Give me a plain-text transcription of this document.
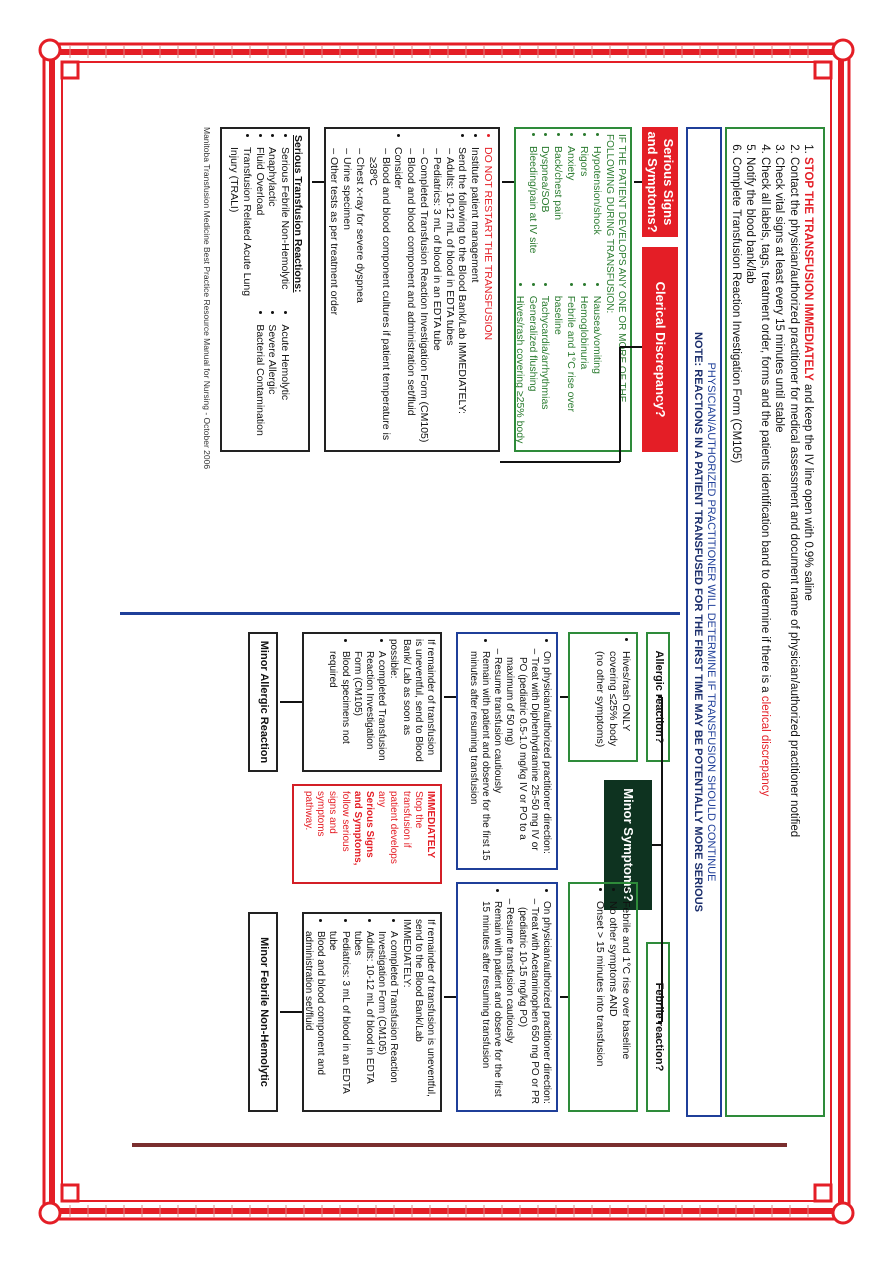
1. STOP THE TRANSFUSION IMMEDIATELY and keep the IV line open with 0.9% saline
2. Contact the physician/authorized practitioner for medical assessment and document name of physician/authorized practitioner notified
3. Check vital signs at least every 15 minutes until stable
4. Check all labels, tags, treatment order, forms and the patients identification band to determine if there is a clerical discrepancy
5. Notify the blood bank/lab
6. Complete Transfusion Reaction Investigation Form (CM105)
PHYSICIAN/AUTHORIZED PRACTITIONER WILL DETERMINE IF TRANSFUSION SHOULD CONTINUE
NOTE: REACTIONS IN A PATIENT TRANSFUSED FOR THE FIRST TIME MAY BE POTENTIALLY MORE SERIOUS
Serious Signs and Symptoms?
Clerical Discrepancy?
IF THE PATIENT DEVELOPS ANY ONE OR MORE OF THE FOLLOWING DURING TRANSFUSION:
• Hypotension/shock
• Rigors
• Anxiety
• Back/chest pain
• Dyspnea/SOB
• Bleeding/pain at IV site
• Nausea/vomiting
• Hemoglobinuria
• Febrile and 1°C rise over baseline
• Tachycardia/arrhythmias
• Generalized flushing
• Hives/rash covering ≥25% body
• DO NOT RESTART THE TRANSFUSION
• Institute patient management
• Send the following to the Blood Bank/Lab IMMEDIATELY:
– Adults: 10-12 mL of blood in EDTA tubes
– Pediatrics: 3 mL of blood in an EDTA tube
– Completed Transfusion Reaction Investigation Form (CM105)
– Blood and blood component and administration set/fluid
• Consider
– Blood and blood component cultures if patient temperature is ≥38ºC
– Chest x-ray for severe dyspnea
– Urine specimen
– Other tests as per treatment order
Serious Transfusion Reactions:
• Serious Febrile Non-Hemolytic
• Anaphylactic
• Fluid Overload
• Transfusion Related Acute Lung Injury (TRALI)
• Acute Hemolytic
• Severe Allergic
• Bacterial Contamination
Manitoba Transfusion Medicine Best Practice Resource Manual for Nursing - October 2006
Minor Symptoms?
Allergic reaction?
• Hives/rash ONLY covering ≤25% body (no other symptoms)
• On physician/authorized practitioner direction:
– Treat with Diphenhydramine 25-50 mg IV or PO (pediatric 0.5-1.0 mg/kg IV or PO to a maximum of 50 mg)
– Resume transfusion cautiously
• Remain with patient and observe for the first 15 minutes after resuming transfusion
If remainder of transfusion is uneventful, send to Blood Bank/ Lab as soon as possible:
• A completed Transfusion Reaction Investigation Form (CM105)
• Blood specimens not required
Minor Allergic Reaction
IMMEDIATELY
Stop the transfusion if patient develops any
Serious Signs and Symptoms,
follow serious signs and symptoms pathway.
Febrile reaction?
• Febrile and 1°C rise over baseline
• No other symptoms AND
• Onset > 15 minutes into transfusion
• On physician/authorized practitioner direction:
– Treat with Acetaminophen 650 mg PO or PR (pediatric 10-15 mg/kg PO)
– Resume transfusion cautiously
• Remain with patient and observe for the first 15 minutes after resuming transfusion
If remainder of transfusion is uneventful, send to the Blood Bank/Lab IMMEDIATELY:
• A completed Transfusion Reaction Investigation Form (CM105)
• Adults: 10-12 mL of blood in EDTA tubes
• Pediatrics: 3 mL of blood in an EDTA tube
• Blood and blood component and administration set/fluid
Minor Febrile Non-Hemolytic
